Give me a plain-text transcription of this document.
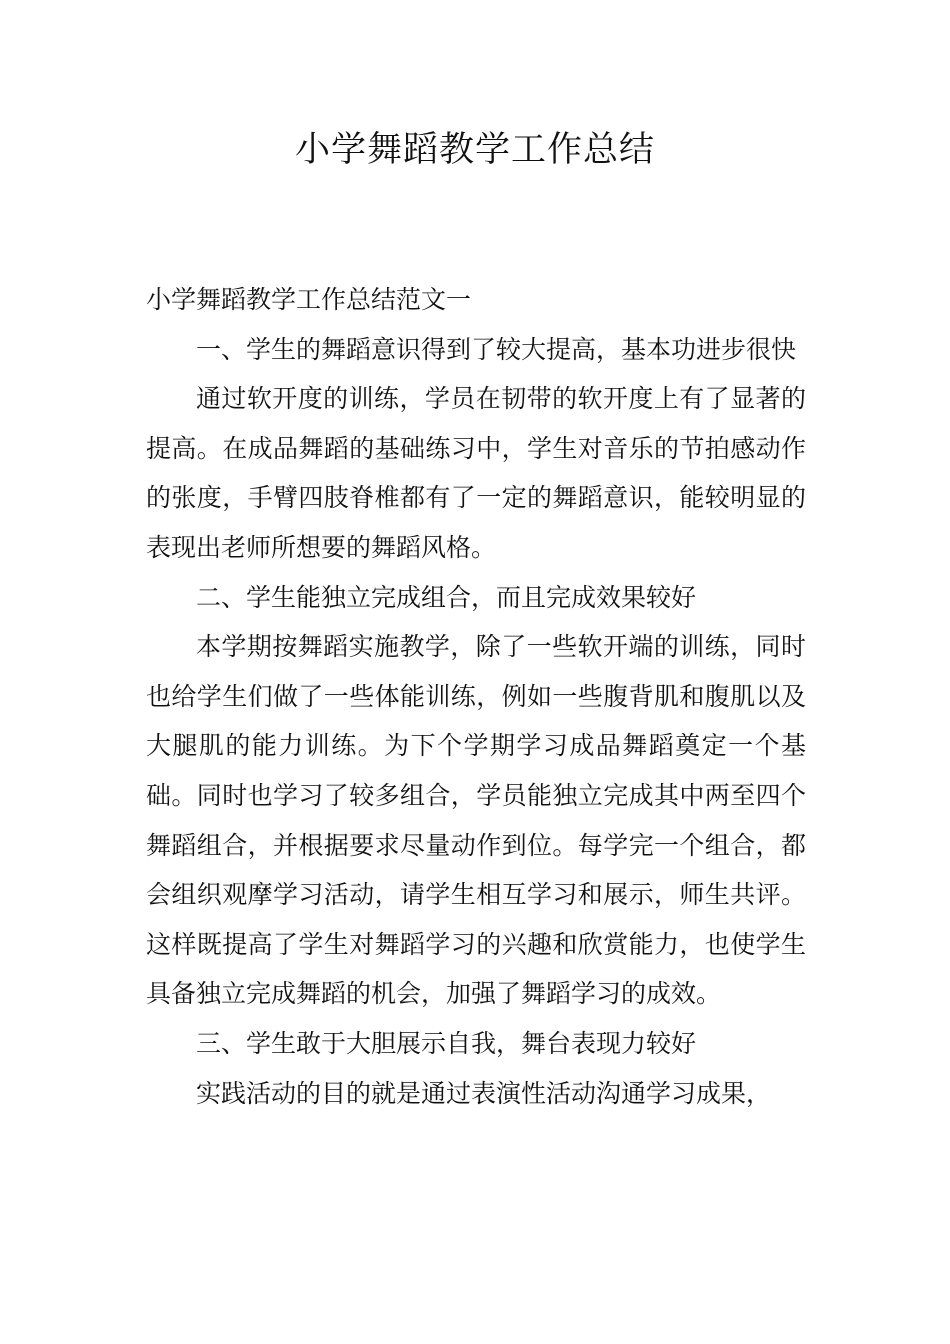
小学舞蹈教学工作总结

小学舞蹈教学工作总结范文一

一、学生的舞蹈意识得到了较大提高，基本功进步很快

通过软开度的训练，学员在韧带的软开度上有了显著的提高。在成品舞蹈的基础练习中，学生对音乐的节拍感动作的张度，手臂四肢脊椎都有了一定的舞蹈意识，能较明显的表现出老师所想要的舞蹈风格。

二、学生能独立完成组合，而且完成效果较好

本学期按舞蹈实施教学，除了一些软开端的训练，同时也给学生们做了一些体能训练，例如一些腹背肌和腹肌以及大腿肌的能力训练。为下个学期学习成品舞蹈奠定一个基础。同时也学习了较多组合，学员能独立完成其中两至四个舞蹈组合，并根据要求尽量动作到位。每学完一个组合，都会组织观摩学习活动，请学生相互学习和展示，师生共评。这样既提高了学生对舞蹈学习的兴趣和欣赏能力，也使学生具备独立完成舞蹈的机会，加强了舞蹈学习的成效。

三、学生敢于大胆展示自我，舞台表现力较好

实践活动的目的就是通过表演性活动沟通学习成果，
